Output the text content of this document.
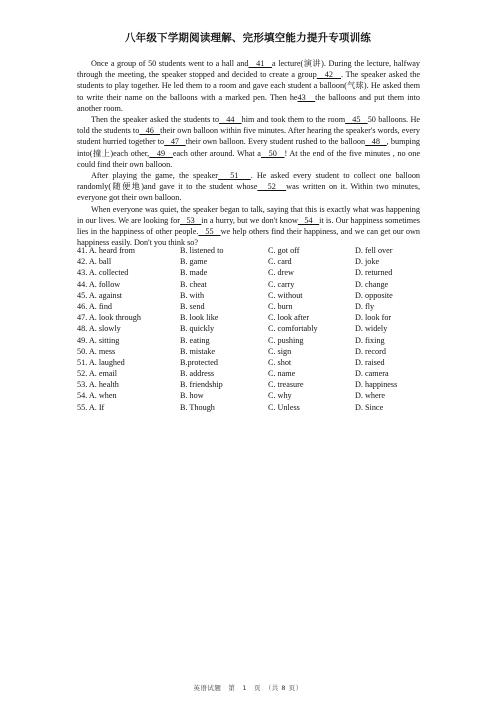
八年级下学期阅读理解、完形填空能力提升专项训练

Once a group of 50 students went to a hall and   41   a lecture(演讲). During the lecture, halfway through the meeting, the speaker stopped and decided to create a group   42   . The speaker asked the students to play together. He led them to a room and gave each student a balloon(气球). He asked them to write their name on the balloons with a marked pen. Then he43   the balloons and put them into another room.

Then the speaker asked the students to   44   him and took them to the room   45   50 balloons. He told the students to   46   their own balloon within five minutes. After hearing the speaker's words, every student hurried together to   47   their own balloon. Every student rushed to the balloon   48   , bumping into(撞上)each other,   49   each other around. What a   50   ! At the end of the five minutes , no one could find their own balloon.

After playing the game, the speaker   51   . He asked every student to collect one balloon randomly(随便地)and gave it to the student whose   52   was written on it. Within two minutes, everyone got their own balloon.

When everyone was quiet, the speaker began to talk, saying that this is exactly what was happening in our lives. We are looking for   53   in a hurry, but we don't know   54   it is. Our happiness sometimes lies in the happiness of other people.   55   we help others find their happiness, and we can get our own happiness easily. Don't you think so?

41. A. heard from	B. listened to	C. got off	D. fell over
42. A. ball	B. game	C. card	D. joke
43. A. collected	B. made	C. drew	D. returned
44. A. follow	B. cheat	C. carry	D. change
45. A. against	B. with	C. without	D. opposite
46. A. find	B. send	C. burn	D. fly
47. A. look through	B. look like	C. look after	D. look for
48. A. slowly	B. quickly	C. comfortably	D. widely
49. A. sitting	B. eating	C. pushing	D. fixing
50. A. mess	B. mistake	C. sign	D. record
51. A. laughed	B.protected	C. shot	D. raised
52. A. email	B. address	C. name	D. camera
53. A. health	B. friendship	C. treasure	D. happiness
54. A. when	B. how	C. why	D. where
55. A. If	B. Though	C. Unless	D. Since
英语试题　第　1　页　（共 8 页）
